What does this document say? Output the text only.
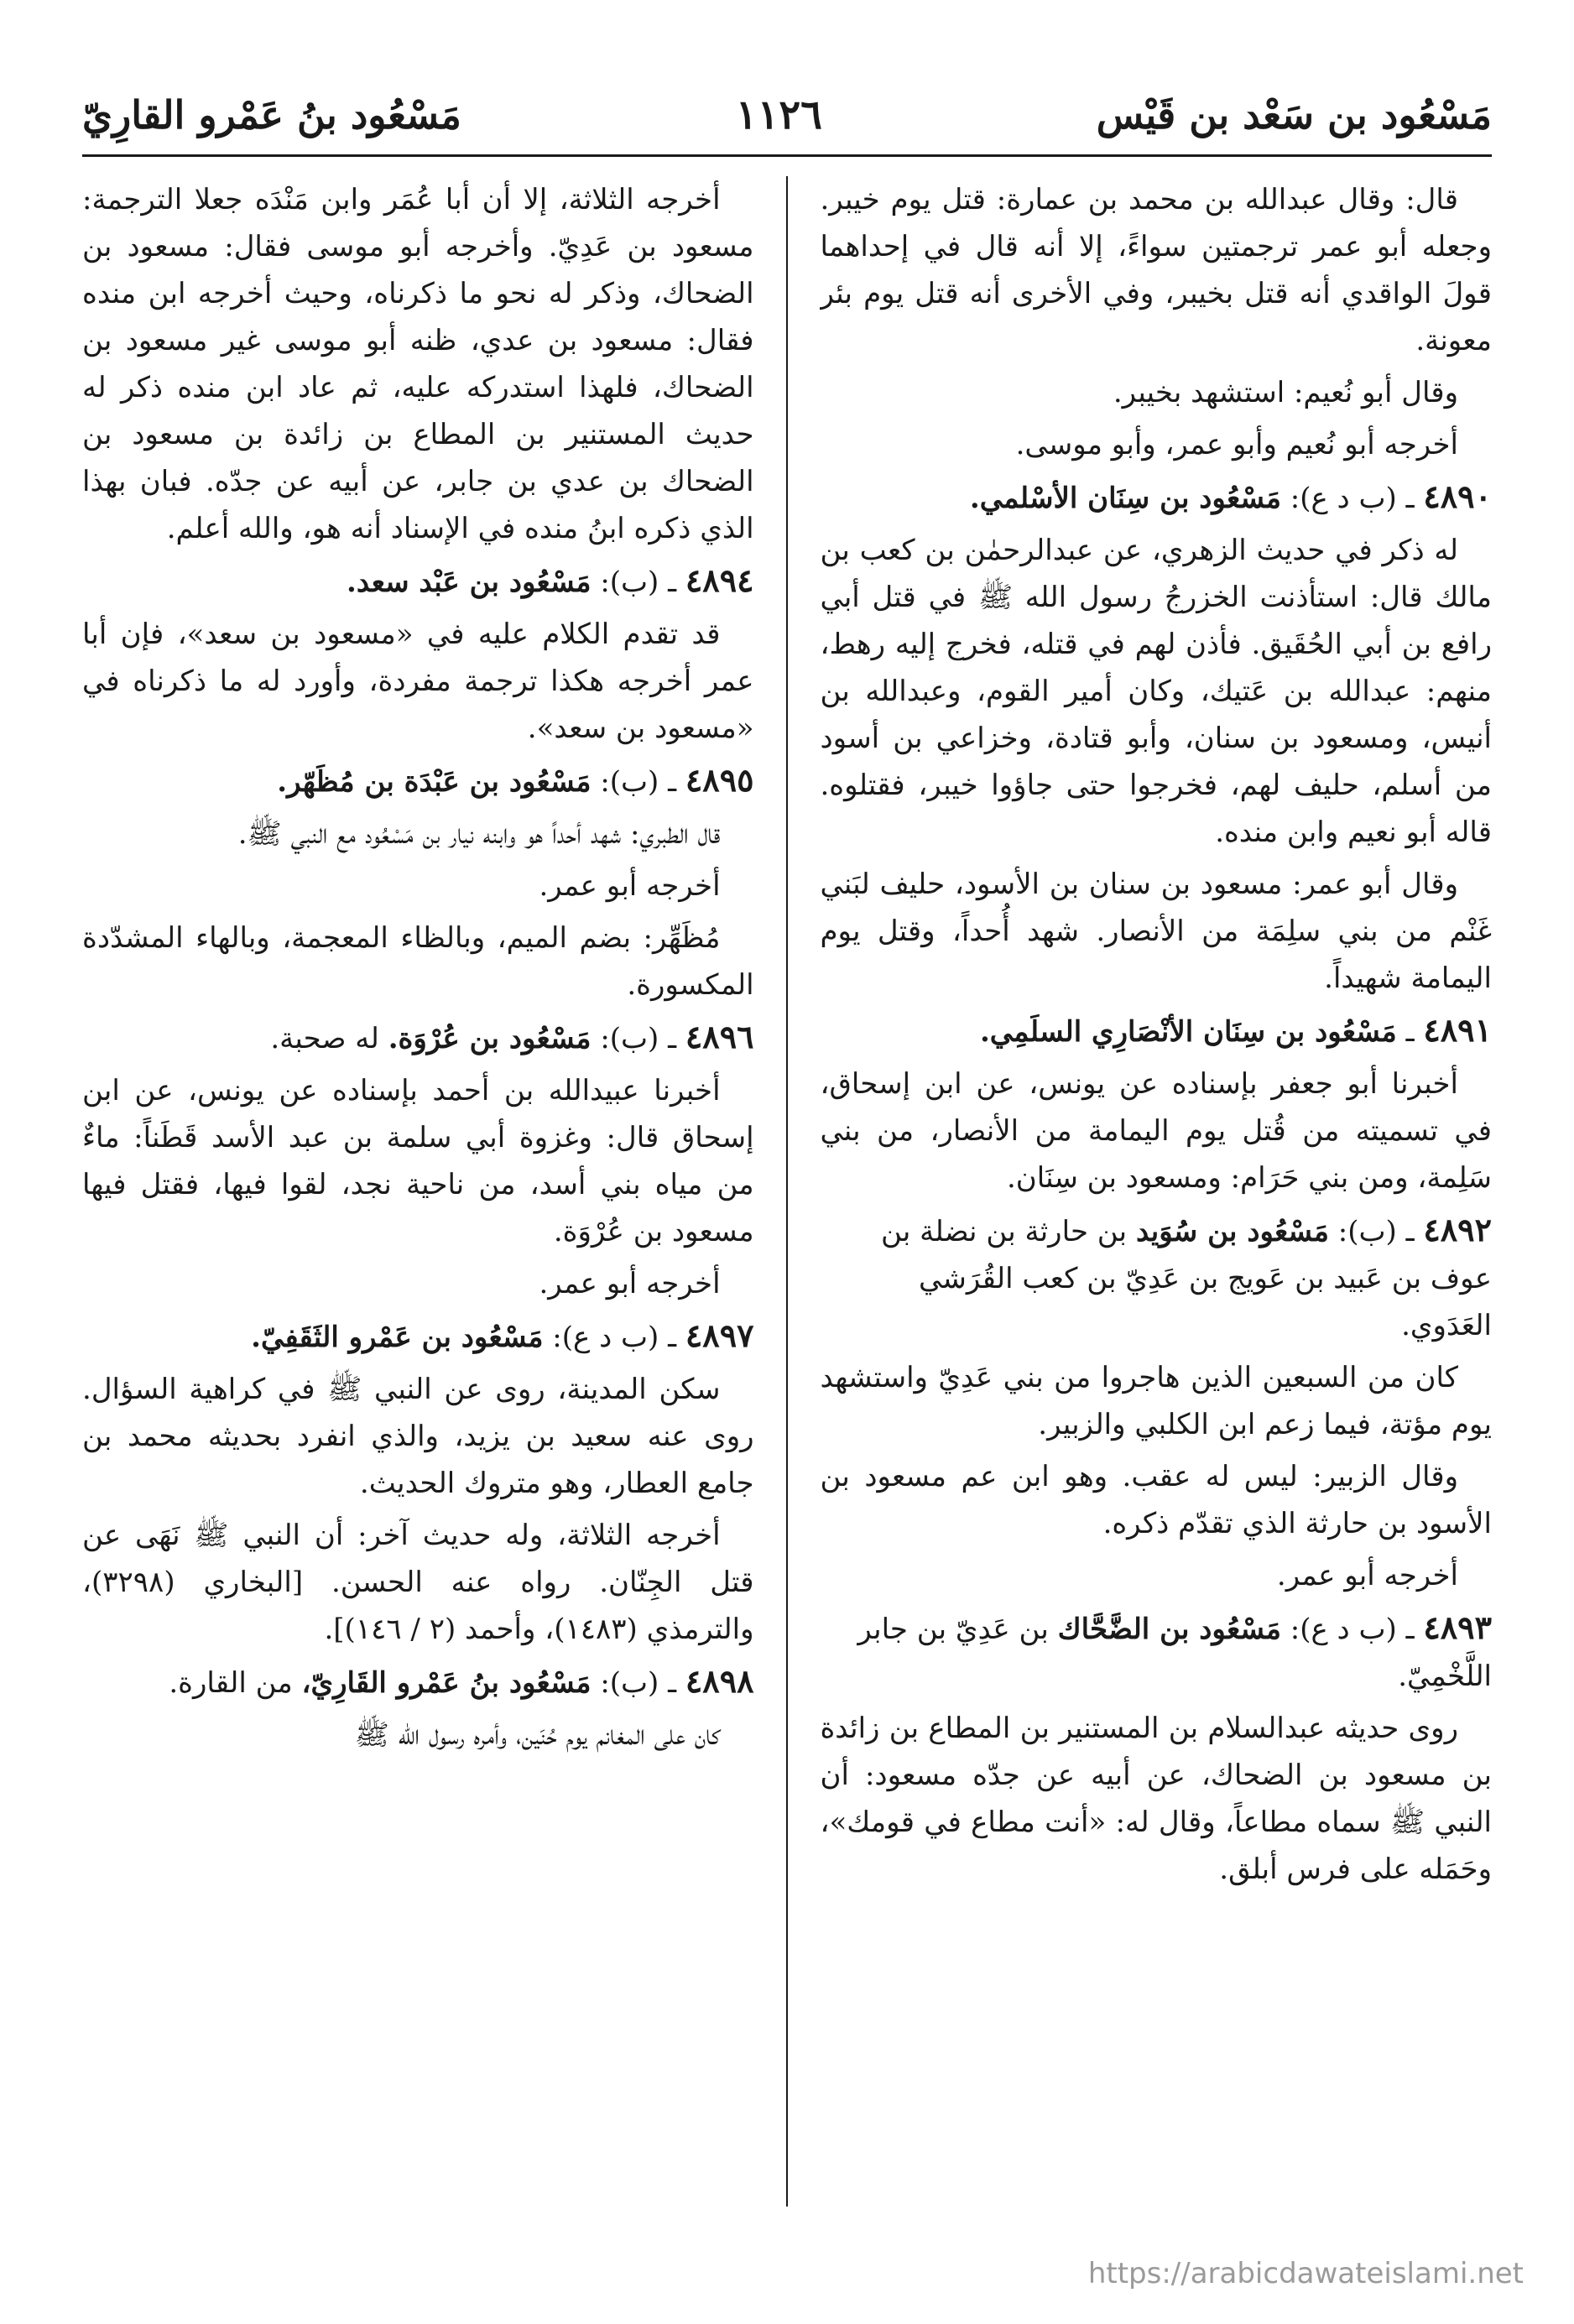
مَسْعُود بن سَعْد بن قَيْس
١١٢٦
مَسْعُود بنُ عَمْرو القارِيّ
قال: وقال عبدالله بن محمد بن عمارة: قتل يوم خيبر. وجعله أبو عمر ترجمتين سواءً، إلا أنه قال في إحداهما قولَ الواقدي أنه قتل بخيبر، وفي الأخرى أنه قتل يوم بئر معونة.
وقال أبو نُعيم: استشهد بخيبر.
أخرجه أبو نُعيم وأبو عمر، وأبو موسى.
٤٨٩٠ ـ (ب د ع): مَسْعُود بن سِنَان الأسْلمي.
له ذكر في حديث الزهري، عن عبدالرحمٰن بن كعب بن مالك قال: استأذنت الخزرجُ رسول الله ﷺ في قتل أبي رافع بن أبي الحُقَيق. فأذن لهم في قتله، فخرج إليه رهط، منهم: عبدالله بن عَتيك، وكان أمير القوم، وعبدالله بن أنيس، ومسعود بن سنان، وأبو قتادة، وخزاعي بن أسود من أسلم، حليف لهم، فخرجوا حتى جاؤوا خيبر، فقتلوه. قاله أبو نعيم وابن منده.
وقال أبو عمر: مسعود بن سنان بن الأسود، حليف لبَني غَنْم من بني سلِمَة من الأنصار. شهد أُحداً، وقتل يوم اليمامة شهيداً.
٤٨٩١ ـ مَسْعُود بن سِنَان الأنْصَارِي السلَمِي.
أخبرنا أبو جعفر بإسناده عن يونس، عن ابن إسحاق، في تسميته من قُتل يوم اليمامة من الأنصار، من بني سَلِمة، ومن بني حَرَام: ومسعود بن سِنَان.
٤٨٩٢ ـ (ب): مَسْعُود بن سُوَيد بن حارثة بن نضلة بن عوف بن عَبيد بن عَويج بن عَدِيّ بن كعب القُرَشي العَدَوي.
كان من السبعين الذين هاجروا من بني عَدِيّ واستشهد يوم مؤتة، فيما زعم ابن الكلبي والزبير.
وقال الزبير: ليس له عقب. وهو ابن عم مسعود بن الأسود بن حارثة الذي تقدّم ذكره.
أخرجه أبو عمر.
٤٨٩٣ ـ (ب د ع): مَسْعُود بن الضَّحَّاك بن عَدِيّ بن جابر اللَّخْمِيّ.
روى حديثه عبدالسلام بن المستنير بن المطاع بن زائدة بن مسعود بن الضحاك، عن أبيه عن جدّه مسعود: أن النبي ﷺ سماه مطاعاً، وقال له: «أنت مطاع في قومك»، وحَمَله على فرس أبلق.
أخرجه الثلاثة، إلا أن أبا عُمَر وابن مَنْدَه جعلا الترجمة: مسعود بن عَدِيّ. وأخرجه أبو موسى فقال: مسعود بن الضحاك، وذكر له نحو ما ذكرناه، وحيث أخرجه ابن منده فقال: مسعود بن عدي، ظنه أبو موسى غير مسعود بن الضحاك، فلهذا استدركه عليه، ثم عاد ابن منده ذكر له حديث المستنير بن المطاع بن زائدة بن مسعود بن الضحاك بن عدي بن جابر، عن أبيه عن جدّه. فبان بهذا الذي ذكره ابنُ منده في الإسناد أنه هو، والله أعلم.
٤٨٩٤ ـ (ب): مَسْعُود بن عَبْد سعد.
قد تقدم الكلام عليه في «مسعود بن سعد»، فإن أبا عمر أخرجه هكذا ترجمة مفردة، وأورد له ما ذكرناه في «مسعود بن سعد».
٤٨٩٥ ـ (ب): مَسْعُود بن عَبْدَة بن مُظَهّر.
قال الطبري: شهد أحداً هو وابنه نيار بن مَسْعُود مع النبي ﷺ.
أخرجه أبو عمر.
مُظَهِّر: بضم الميم، وبالظاء المعجمة، وبالهاء المشدّدة المكسورة.
٤٨٩٦ ـ (ب): مَسْعُود بن عُرْوَة. له صحبة.
أخبرنا عبيدالله بن أحمد بإسناده عن يونس، عن ابن إسحاق قال: وغزوة أبي سلمة بن عبد الأسد قَطَناً: ماءٌ من مياه بني أسد، من ناحية نجد، لقوا فيها، فقتل فيها مسعود بن عُرْوَة.
أخرجه أبو عمر.
٤٨٩٧ ـ (ب د ع): مَسْعُود بن عَمْرو الثَقَفِيّ.
سكن المدينة، روى عن النبي ﷺ في كراهية السؤال. روى عنه سعيد بن يزيد، والذي انفرد بحديثه محمد بن جامع العطار، وهو متروك الحديث.
أخرجه الثلاثة، وله حديث آخر: أن النبي ﷺ نَهَى عن قتل الجِنّان. رواه عنه الحسن. [البخاري (٣٢٩٨)، والترمذي (١٤٨٣)، وأحمد (٢ / ١٤٦)].
٤٨٩٨ ـ (ب): مَسْعُود بنُ عَمْرو القَارِيّ، من القارة.
كان على المغانم يوم حُنَين، وأمره رسول الله ﷺ
https://arabicdawateislami.net
